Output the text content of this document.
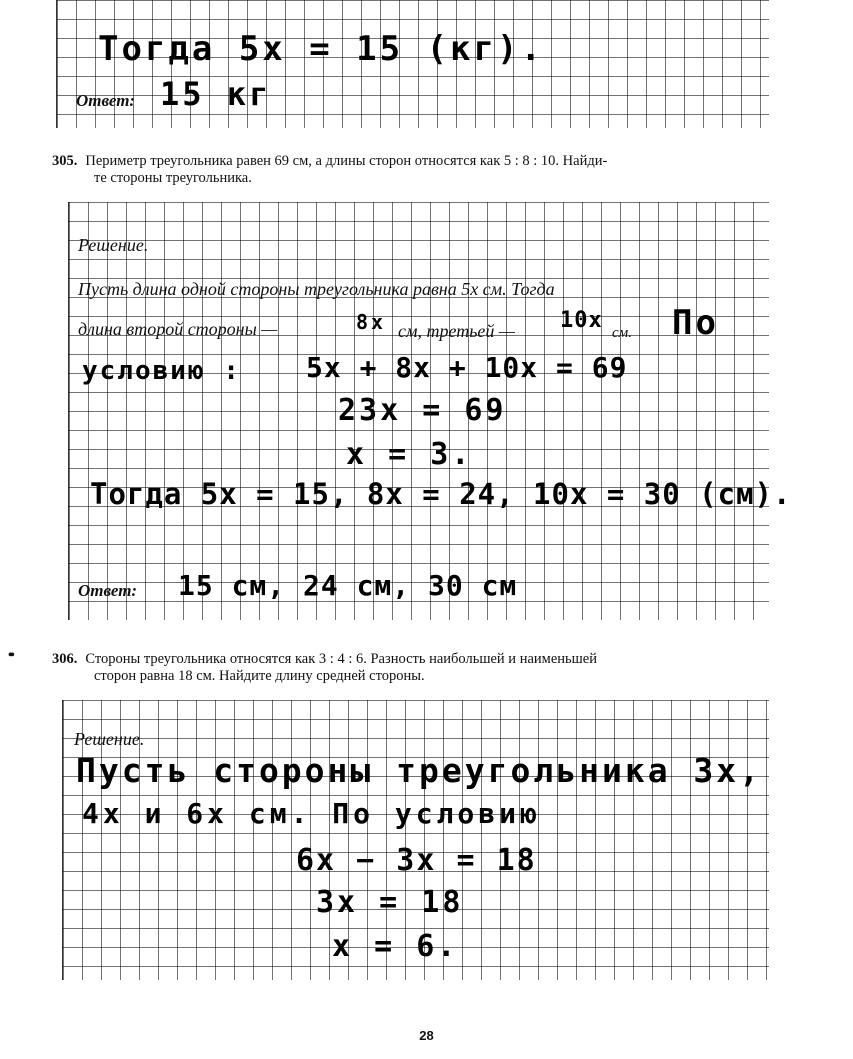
Тогда 5x = 15 (кг).
Ответ: 15 кг
305. Периметр треугольника равен 69 см, а длины сторон относятся как 5 : 8 : 10. Найди-
те стороны треугольника.
Решение.
Пусть длина одной стороны треугольника равна 5x см. Тогда
длина второй стороны —	8x см, третьей — 10x см. По
условию : 5x + 8x + 10x = 69
23x = 69
x = 3.
Тогда 5x = 15, 8x = 24, 10x = 30 (см).
Ответ: 15 см, 24 см, 30 см
••	306. Стороны треугольника относятся как 3 : 4 : 6. Разность наибольшей и наименьшей
сторон равна 18 см. Найдите длину средней стороны.
Решение.
Пусть стороны треугольника 3x,
4x и 6x см. По условию
6x − 3x = 18
3x = 18
x = 6.
28
